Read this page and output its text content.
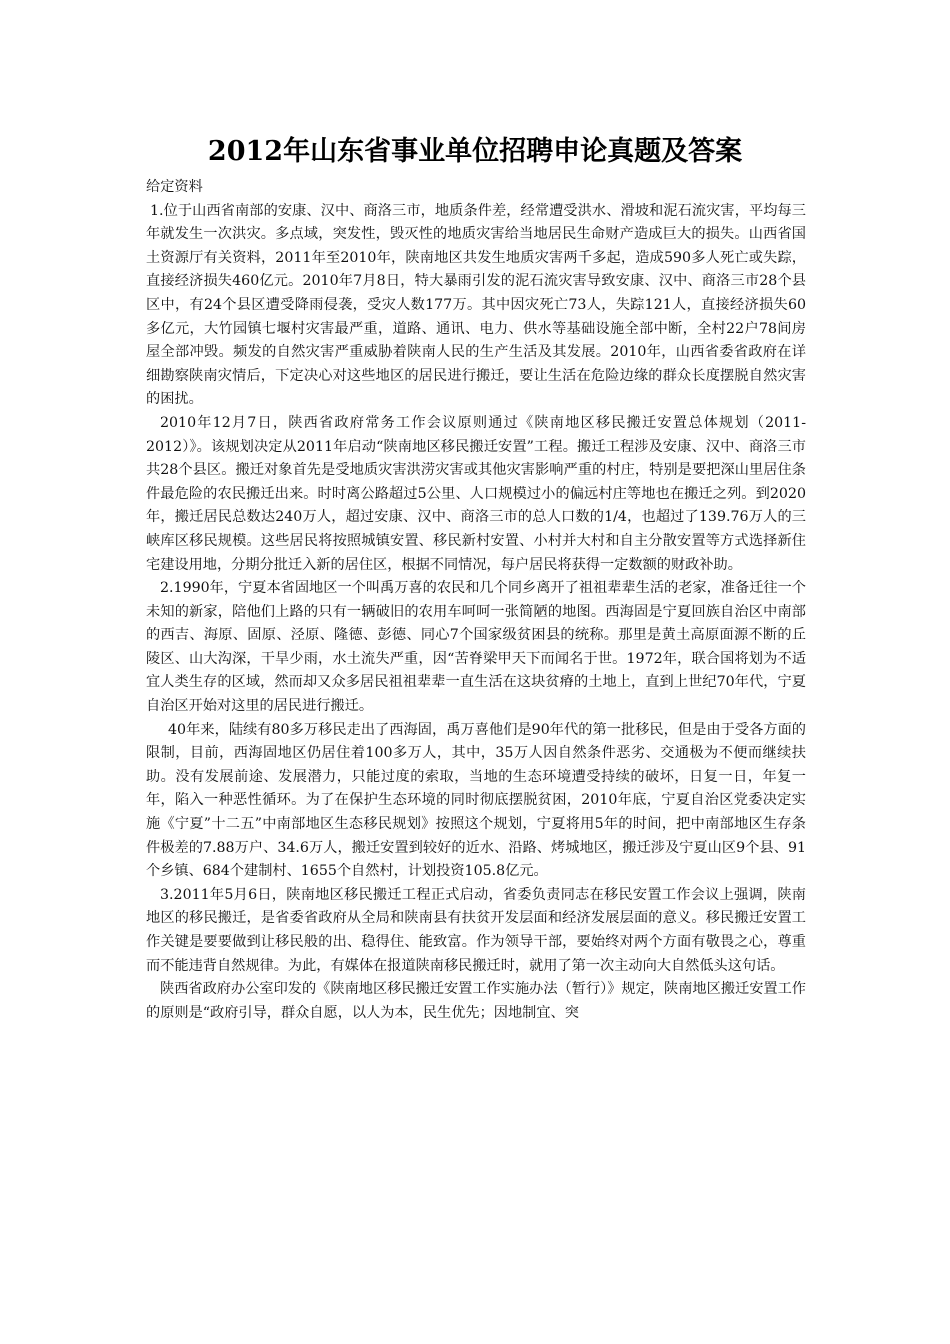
2012年山东省事业单位招聘申论真题及答案

给定资料

1.位于山西省南部的安康、汉中、商洛三市，地质条件差，经常遭受洪水、滑坡和泥石流灾害，平均每三年就发生一次洪灾。多点域，突发性，毁灭性的地质灾害给当地居民生命财产造成巨大的损失。山西省国土资源厅有关资料，2011年至2010年，陕南地区共发生地质灾害两千多起，造成590多人死亡或失踪，直接经济损失460亿元。2010年7月8日，特大暴雨引发的泥石流灾害导致安康、汉中、商洛三市28个县区中，有24个县区遭受降雨侵袭，受灾人数177万。其中因灾死亡73人，失踪121人，直接经济损失60多亿元，大竹园镇七堰村灾害最严重，道路、通讯、电力、供水等基础设施全部中断，全村22户78间房屋全部冲毁。频发的自然灾害严重威胁着陕南人民的生产生活及其发展。2010年，山西省委省政府在详细勘察陕南灾情后，下定决心对这些地区的居民进行搬迁，要让生活在危险边缘的群众长度摆脱自然灾害的困扰。

2010年12月7日，陕西省政府常务工作会议原则通过《陕南地区移民搬迁安置总体规划（2011-2012）》。该规划决定从2011年启动“陕南地区移民搬迁安置”工程。搬迁工程涉及安康、汉中、商洛三市共28个县区。搬迁对象首先是受地质灾害洪涝灾害或其他灾害影响严重的村庄，特别是要把深山里居住条件最危险的农民搬迁出来。时时离公路超过5公里、人口规模过小的偏远村庄等地也在搬迁之列。到2020年，搬迁居民总数达240万人，超过安康、汉中、商洛三市的总人口数的1/4，也超过了139.76万人的三峡库区移民规模。这些居民将按照城镇安置、移民新村安置、小村并大村和自主分散安置等方式选择新住宅建设用地，分期分批迁入新的居住区，根据不同情况，每户居民将获得一定数额的财政补助。

2.1990年，宁夏本省固地区一个叫禹万喜的农民和几个同乡离开了祖祖辈辈生活的老家，准备迁往一个未知的新家，陪他们上路的只有一辆破旧的农用车呵呵一张简陋的地图。西海固是宁夏回族自治区中南部的西吉、海原、固原、泾原、隆德、彭德、同心7个国家级贫困县的统称。那里是黄土高原面源不断的丘陵区、山大沟深，干旱少雨，水土流失严重，因“苦脊梁甲天下而闻名于世。1972年，联合国将划为不适宜人类生存的区域，然而却又众多居民祖祖辈辈一直生活在这块贫瘠的土地上，直到上世纪70年代，宁夏自治区开始对这里的居民进行搬迁。

40年来，陆续有80多万移民走出了西海固，禹万喜他们是90年代的第一批移民，但是由于受各方面的限制，目前，西海固地区仍居住着100多万人，其中，35万人因自然条件恶劣、交通极为不便而继续扶助。没有发展前途、发展潜力，只能过度的索取，当地的生态环境遭受持续的破坏，日复一日，年复一年，陷入一种恶性循环。为了在保护生态环境的同时彻底摆脱贫困，2010年底，宁夏自治区党委决定实施《宁夏”十二五”中南部地区生态移民规划》按照这个规划，宁夏将用5年的时间，把中南部地区生存条件极差的7.88万户、34.6万人，搬迁安置到较好的近水、沿路、烤城地区，搬迁涉及宁夏山区9个县、91个乡镇、684个建制村、1655个自然村，计划投资105.8亿元。

3.2011年5月6日，陕南地区移民搬迁工程正式启动，省委负责同志在移民安置工作会议上强调，陕南地区的移民搬迁，是省委省政府从全局和陕南县有扶贫开发层面和经济发展层面的意义。移民搬迁安置工作关键是要要做到让移民般的出、稳得住、能致富。作为领导干部，要始终对两个方面有敬畏之心，尊重而不能违背自然规律。为此，有媒体在报道陕南移民搬迁时，就用了第一次主动向大自然低头这句话。

陕西省政府办公室印发的《陕南地区移民搬迁安置工作实施办法（暂行）》规定，陕南地区搬迁安置工作的原则是“政府引导，群众自愿，以人为本，民生优先；因地制宜、突
